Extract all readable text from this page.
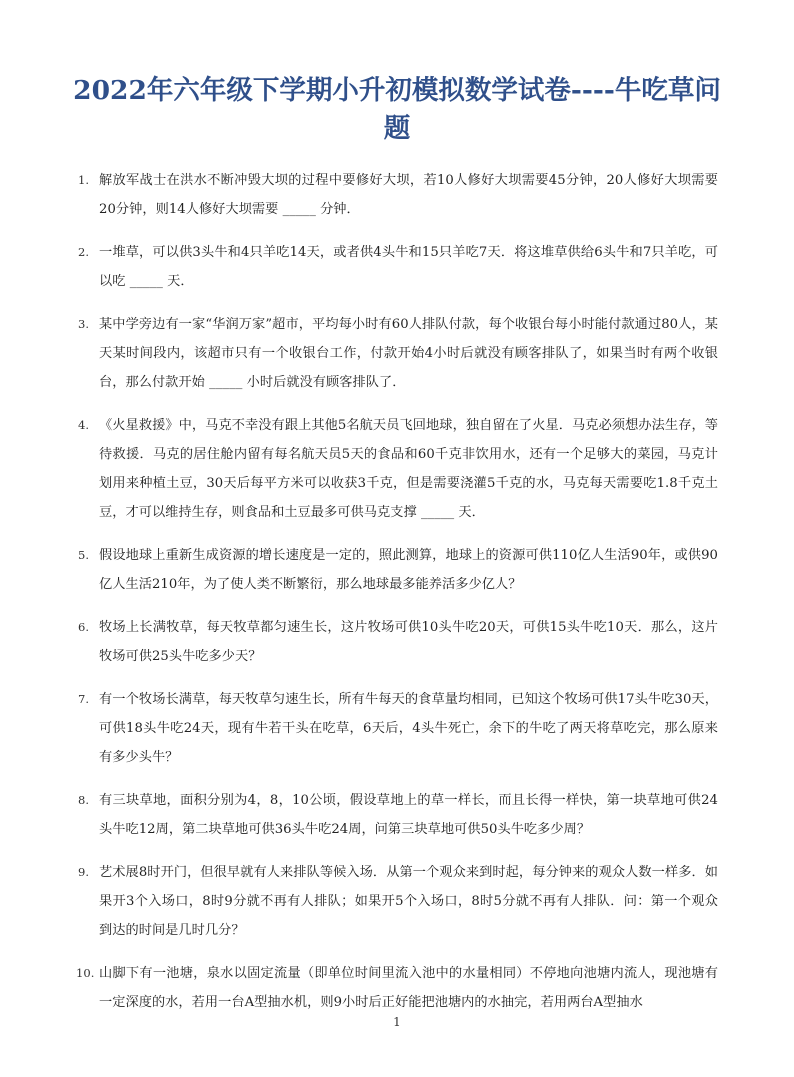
2022年六年级下学期小升初模拟数学试卷----牛吃草问题
1. 解放军战士在洪水不断冲毁大坝的过程中要修好大坝，若10人修好大坝需要45分钟，20人修好大坝需要20分钟，则14人修好大坝需要 _____ 分钟．
2. 一堆草，可以供3头牛和4只羊吃14天，或者供4头牛和15只羊吃7天．将这堆草供给6头牛和7只羊吃，可以吃 _____ 天．
3. 某中学旁边有一家“华润万家”超市，平均每小时有60人排队付款，每个收银台每小时能付款通过80人，某天某时间段内，该超市只有一个收银台工作，付款开始4小时后就没有顾客排队了，如果当时有两个收银台，那么付款开始 _____ 小时后就没有顾客排队了．
4. 《火星救援》中，马克不幸没有跟上其他5名航天员飞回地球，独自留在了火星．马克必须想办法生存，等待救援．马克的居住舱内留有每名航天员5天的食品和60千克非饮用水，还有一个足够大的菜园，马克计划用来种植土豆，30天后每平方米可以收获3千克，但是需要浇灌5千克的水，马克每天需要吃1.8千克土豆，才可以维持生存，则食品和土豆最多可供马克支撑 _____ 天．
5. 假设地球上重新生成资源的增长速度是一定的，照此测算，地球上的资源可供110亿人生活90年，或供90亿人生活210年，为了使人类不断繁衍，那么地球最多能养活多少亿人？
6. 牧场上长满牧草，每天牧草都匀速生长，这片牧场可供10头牛吃20天，可供15头牛吃10天．那么，这片牧场可供25头牛吃多少天？
7. 有一个牧场长满草，每天牧草匀速生长，所有牛每天的食草量均相同，已知这个牧场可供17头牛吃30天，可供18头牛吃24天，现有牛若干头在吃草，6天后，4头牛死亡，余下的牛吃了两天将草吃完，那么原来有多少头牛？
8. 有三块草地，面积分别为4，8，10公顷，假设草地上的草一样长，而且长得一样快，第一块草地可供24头牛吃12周，第二块草地可供36头牛吃24周，问第三块草地可供50头牛吃多少周？
9. 艺术展8时开门，但很早就有人来排队等候入场．从第一个观众来到时起，每分钟来的观众人数一样多．如果开3个入场口，8时9分就不再有人排队；如果开5个入场口，8时5分就不再有人排队．问：第一个观众到达的时间是几时几分？
10. 山脚下有一池塘，泉水以固定流量（即单位时间里流入池中的水量相同）不停地向池塘内流人，现池塘有一定深度的水，若用一台A型抽水机，则9小时后正好能把池塘内的水抽完，若用两台A型抽水
1
